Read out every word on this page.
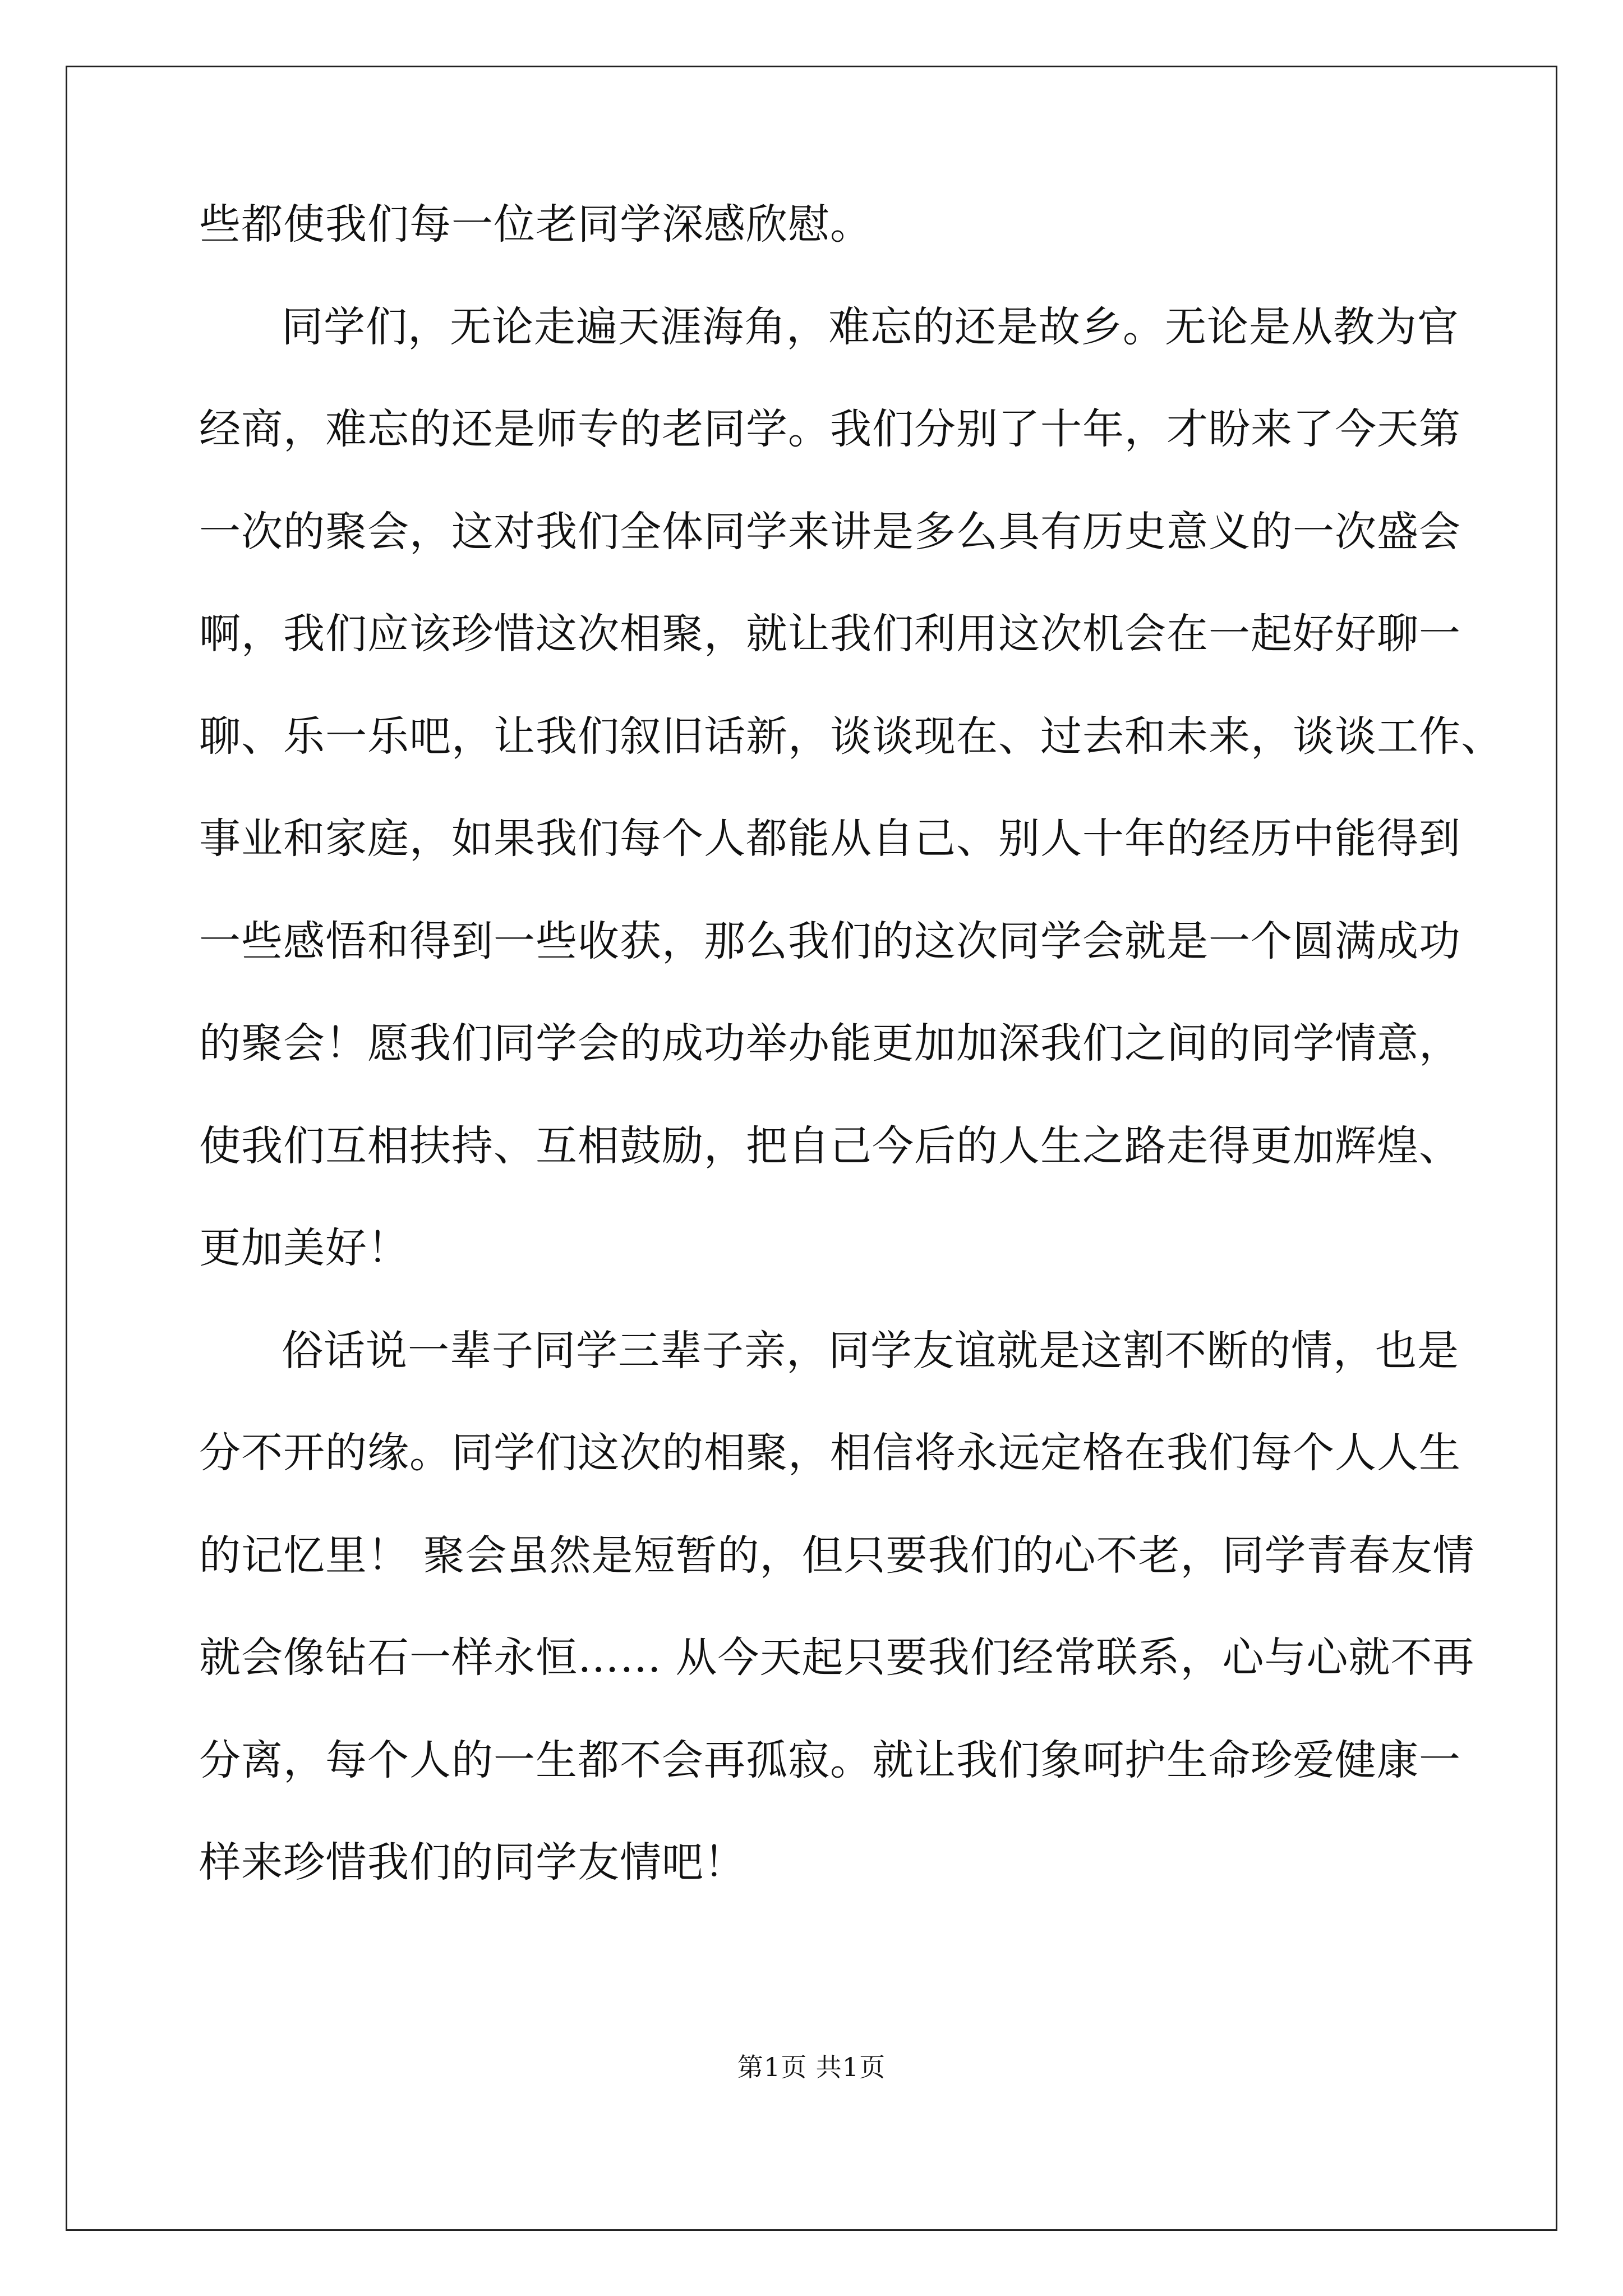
些都使我们每一位老同学深感欣慰。
同学们，无论走遍天涯海角，难忘的还是故乡。无论是从教为官
经商，难忘的还是师专的老同学。我们分别了十年，才盼来了今天第
一次的聚会，这对我们全体同学来讲是多么具有历史意义的一次盛会
啊，我们应该珍惜这次相聚，就让我们利用这次机会在一起好好聊一
聊、乐一乐吧，让我们叙旧话新，谈谈现在、过去和未来，谈谈工作、
事业和家庭，如果我们每个人都能从自己、别人十年的经历中能得到
一些感悟和得到一些收获，那么我们的这次同学会就是一个圆满成功
的聚会！愿我们同学会的成功举办能更加加深我们之间的同学情意，
使我们互相扶持、互相鼓励，把自己今后的人生之路走得更加辉煌、
更加美好！
俗话说一辈子同学三辈子亲，同学友谊就是这割不断的情，也是
分不开的缘。同学们这次的相聚，相信将永远定格在我们每个人人生
的记忆里！ 聚会虽然是短暂的，但只要我们的心不老，同学青春友情
就会像钻石一样永恒…… 从今天起只要我们经常联系，心与心就不再
分离，每个人的一生都不会再孤寂。就让我们象呵护生命珍爱健康一
样来珍惜我们的同学友情吧！
第1页 共1页
